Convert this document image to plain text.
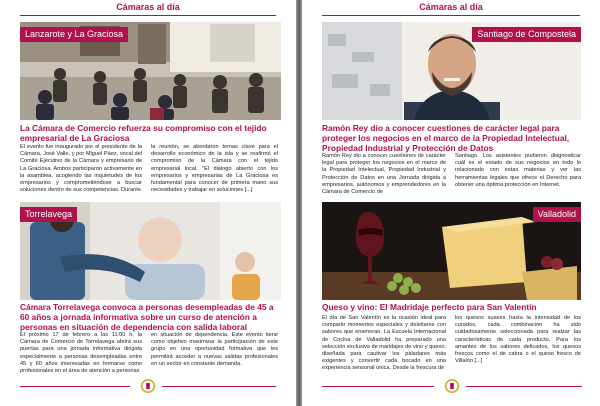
Cámaras al día
Lanzarote y La Graciosa
La Cámara de Comercio refuerza su compromiso con el tejido empresarial de La Graciosa
El evento fue inaugurado por el presidente de la Cámara, José Valle, y por Miguel Páez, vocal del Comité Ejecutivo de la Cámara y empresario de La Graciosa. Ambos participaron activamente en la asamblea, acogiendo las inquietudes de los empresarios y comprometiéndose a buscar soluciones dentro de sus competencias. Durante
la reunión, se abordaron temas clave para el desarrollo económico de la isla y se reafirmó el compromiso de la Cámara con el tejido empresarial local. "El diálogo abierto con los empresarios y empresarias de La Graciosa es fundamental para conocer de primera mano sus necesidades y trabajar en soluciones [...]
Torrelavega
Cámara Torrelavega convoca a personas desempleadas de 45 a 60 años a jornada informativa sobre un curso de atención a personas en situación de dependencia con salida laboral
El próximo 17 de febrero a las 11:00 h, la Cámara de Comercio de Torrelavega abrirá sus puertas para una jornada informativa dirigida especialmente a personas desempleadas entre 45 y 60 años interesadas en formarse como profesionales en el área de atención a personas
en situación de dependencia. Este evento tiene como objetivo maximizar la participación de este grupo en una oportunidad formativa que les permitirá acceder a nuevas salidas profesionales en un sector en constante demanda.
Cámaras al día
Santiago de Compostela
Ramón Rey dio a conocer cuestiones de carácter legal para proteger los negocios en el marco de la Propiedad Intelectual, Propiedad Industrial y Protección de Datos
Ramón Rey dio a conocer cuestiones de carácter legal para proteger los negocios en el marco de la Propiedad Intelectual, Propiedad Industrial y Protección de Datos en una Jornada dirigida a empresarios, autónomos y emprendedores en la Cámara de Comercio de
Santiago. Los asistentes pudieron diagnosticar cuál es el estado de sus negocios en todo lo relacionado con estas materias y ver las herramientas legales que ofrece el Derecho para obtener una óptima protección en Internet.
Valladolid
Queso y vino: El Madridaje perfecto para San Valentín
El día de San Valentín es la ocasión ideal para compartir momentos especiales y deleitarse con sabores que enamoran. La Escuela Internacional de Cocina de Valladolid ha preparado una selección exclusiva de maridajes de vino y queso, diseñada para cautivar los paladares más exigentes y convertir cada bocado en una experiencia sensorial única. Desde la frescura de
los quesos suaves hasta la intensidad de los curados, cada combinación ha sido cuidadosamente seleccionada para realzar las características de cada producto. Para los amantes de los sabores delicados, los quesos frescos como el de cabra o el queso fresco de Villalón [...]
